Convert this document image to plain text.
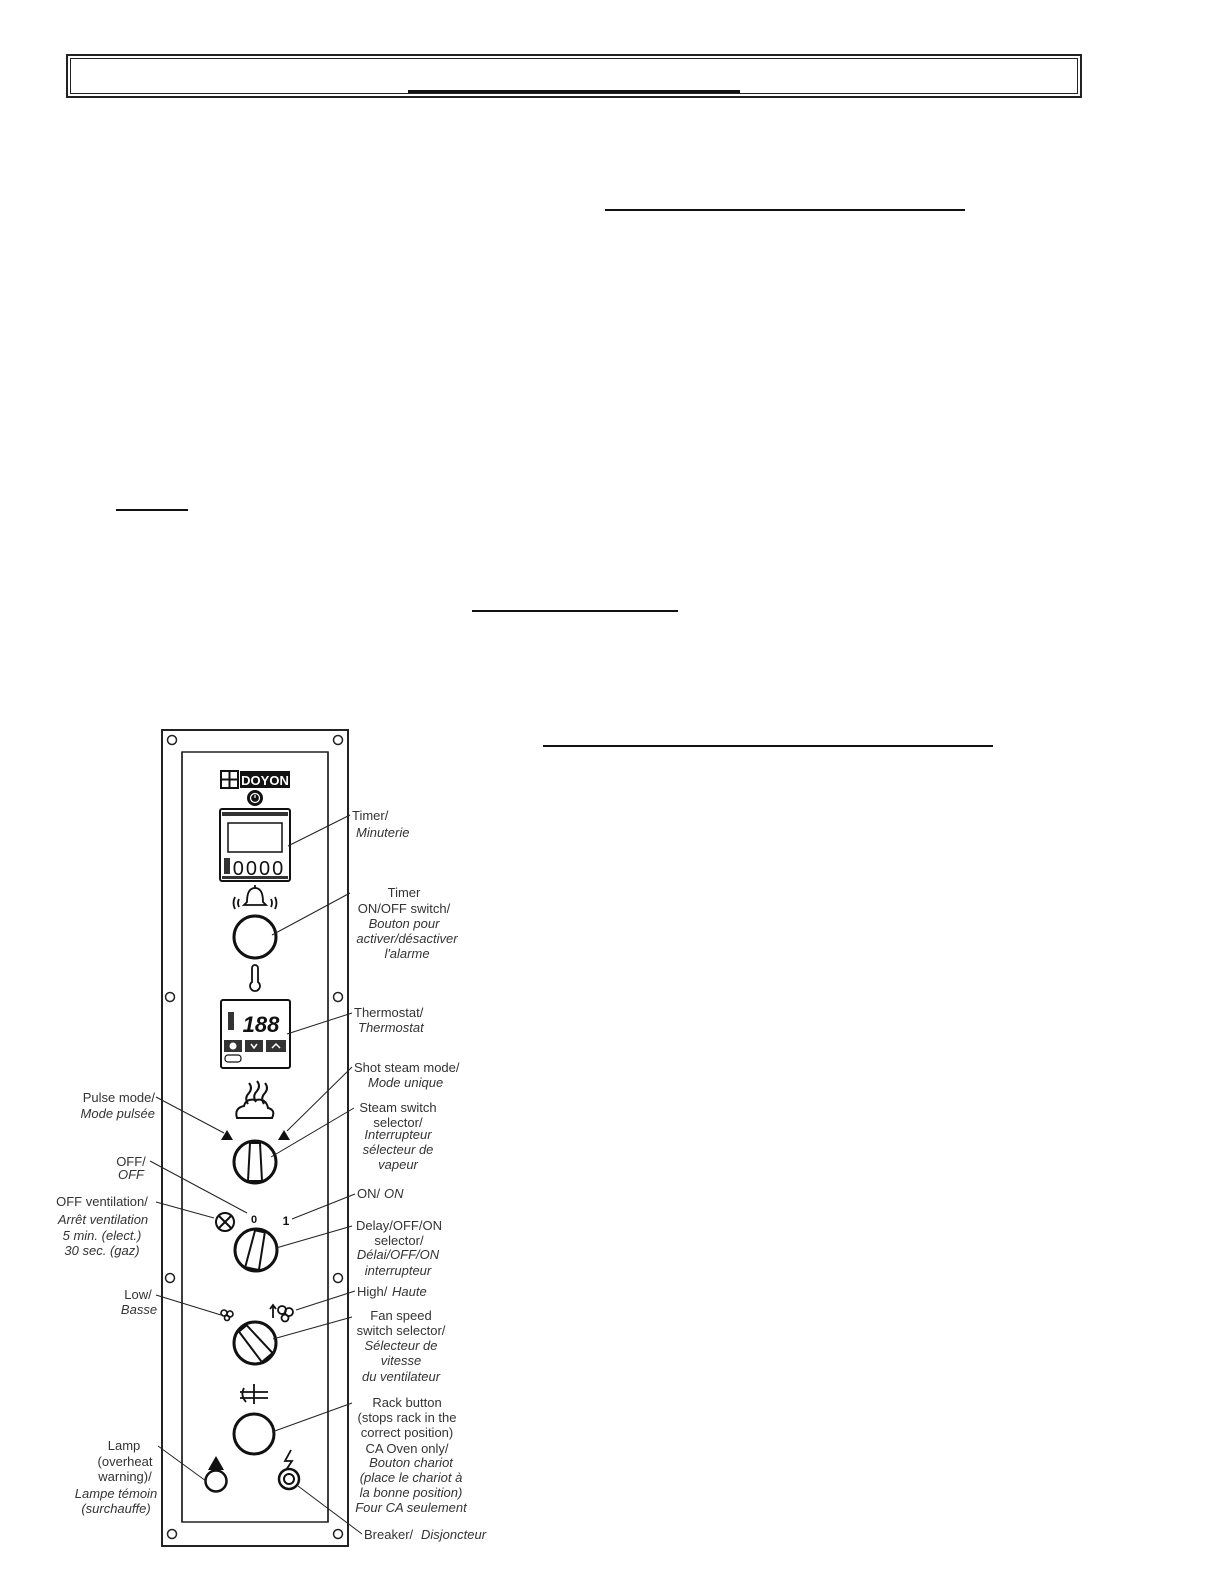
DOYON
0000
188
0 1
Timer/
Minuterie
Timer
ON/OFF switch/
Bouton pour
activer/désactiver
l'alarme
Thermostat/
Thermostat
Shot steam mode/
Mode unique
Steam switch
selector/
Interrupteur
sélecteur de
vapeur
Pulse mode/
Mode pulsée
OFF/
OFF
OFF ventilation/
Arrêt ventilation
5 min. (elect.)
30 sec. (gaz)
ON/ ON
Delay/OFF/ON
selector/
Délai/OFF/ON
interrupteur
Low/
Basse
High/ Haute
Fan speed
switch selector/
Sélecteur de
vitesse
du ventilateur
Rack button
(stops rack in the
correct position)
CA Oven only/
Bouton chariot
(place le chariot à
la bonne position)
Four CA seulement
Lamp
(overheat
warning)/
Lampe témoin
(surchauffe)
Breaker/ Disjoncteur
